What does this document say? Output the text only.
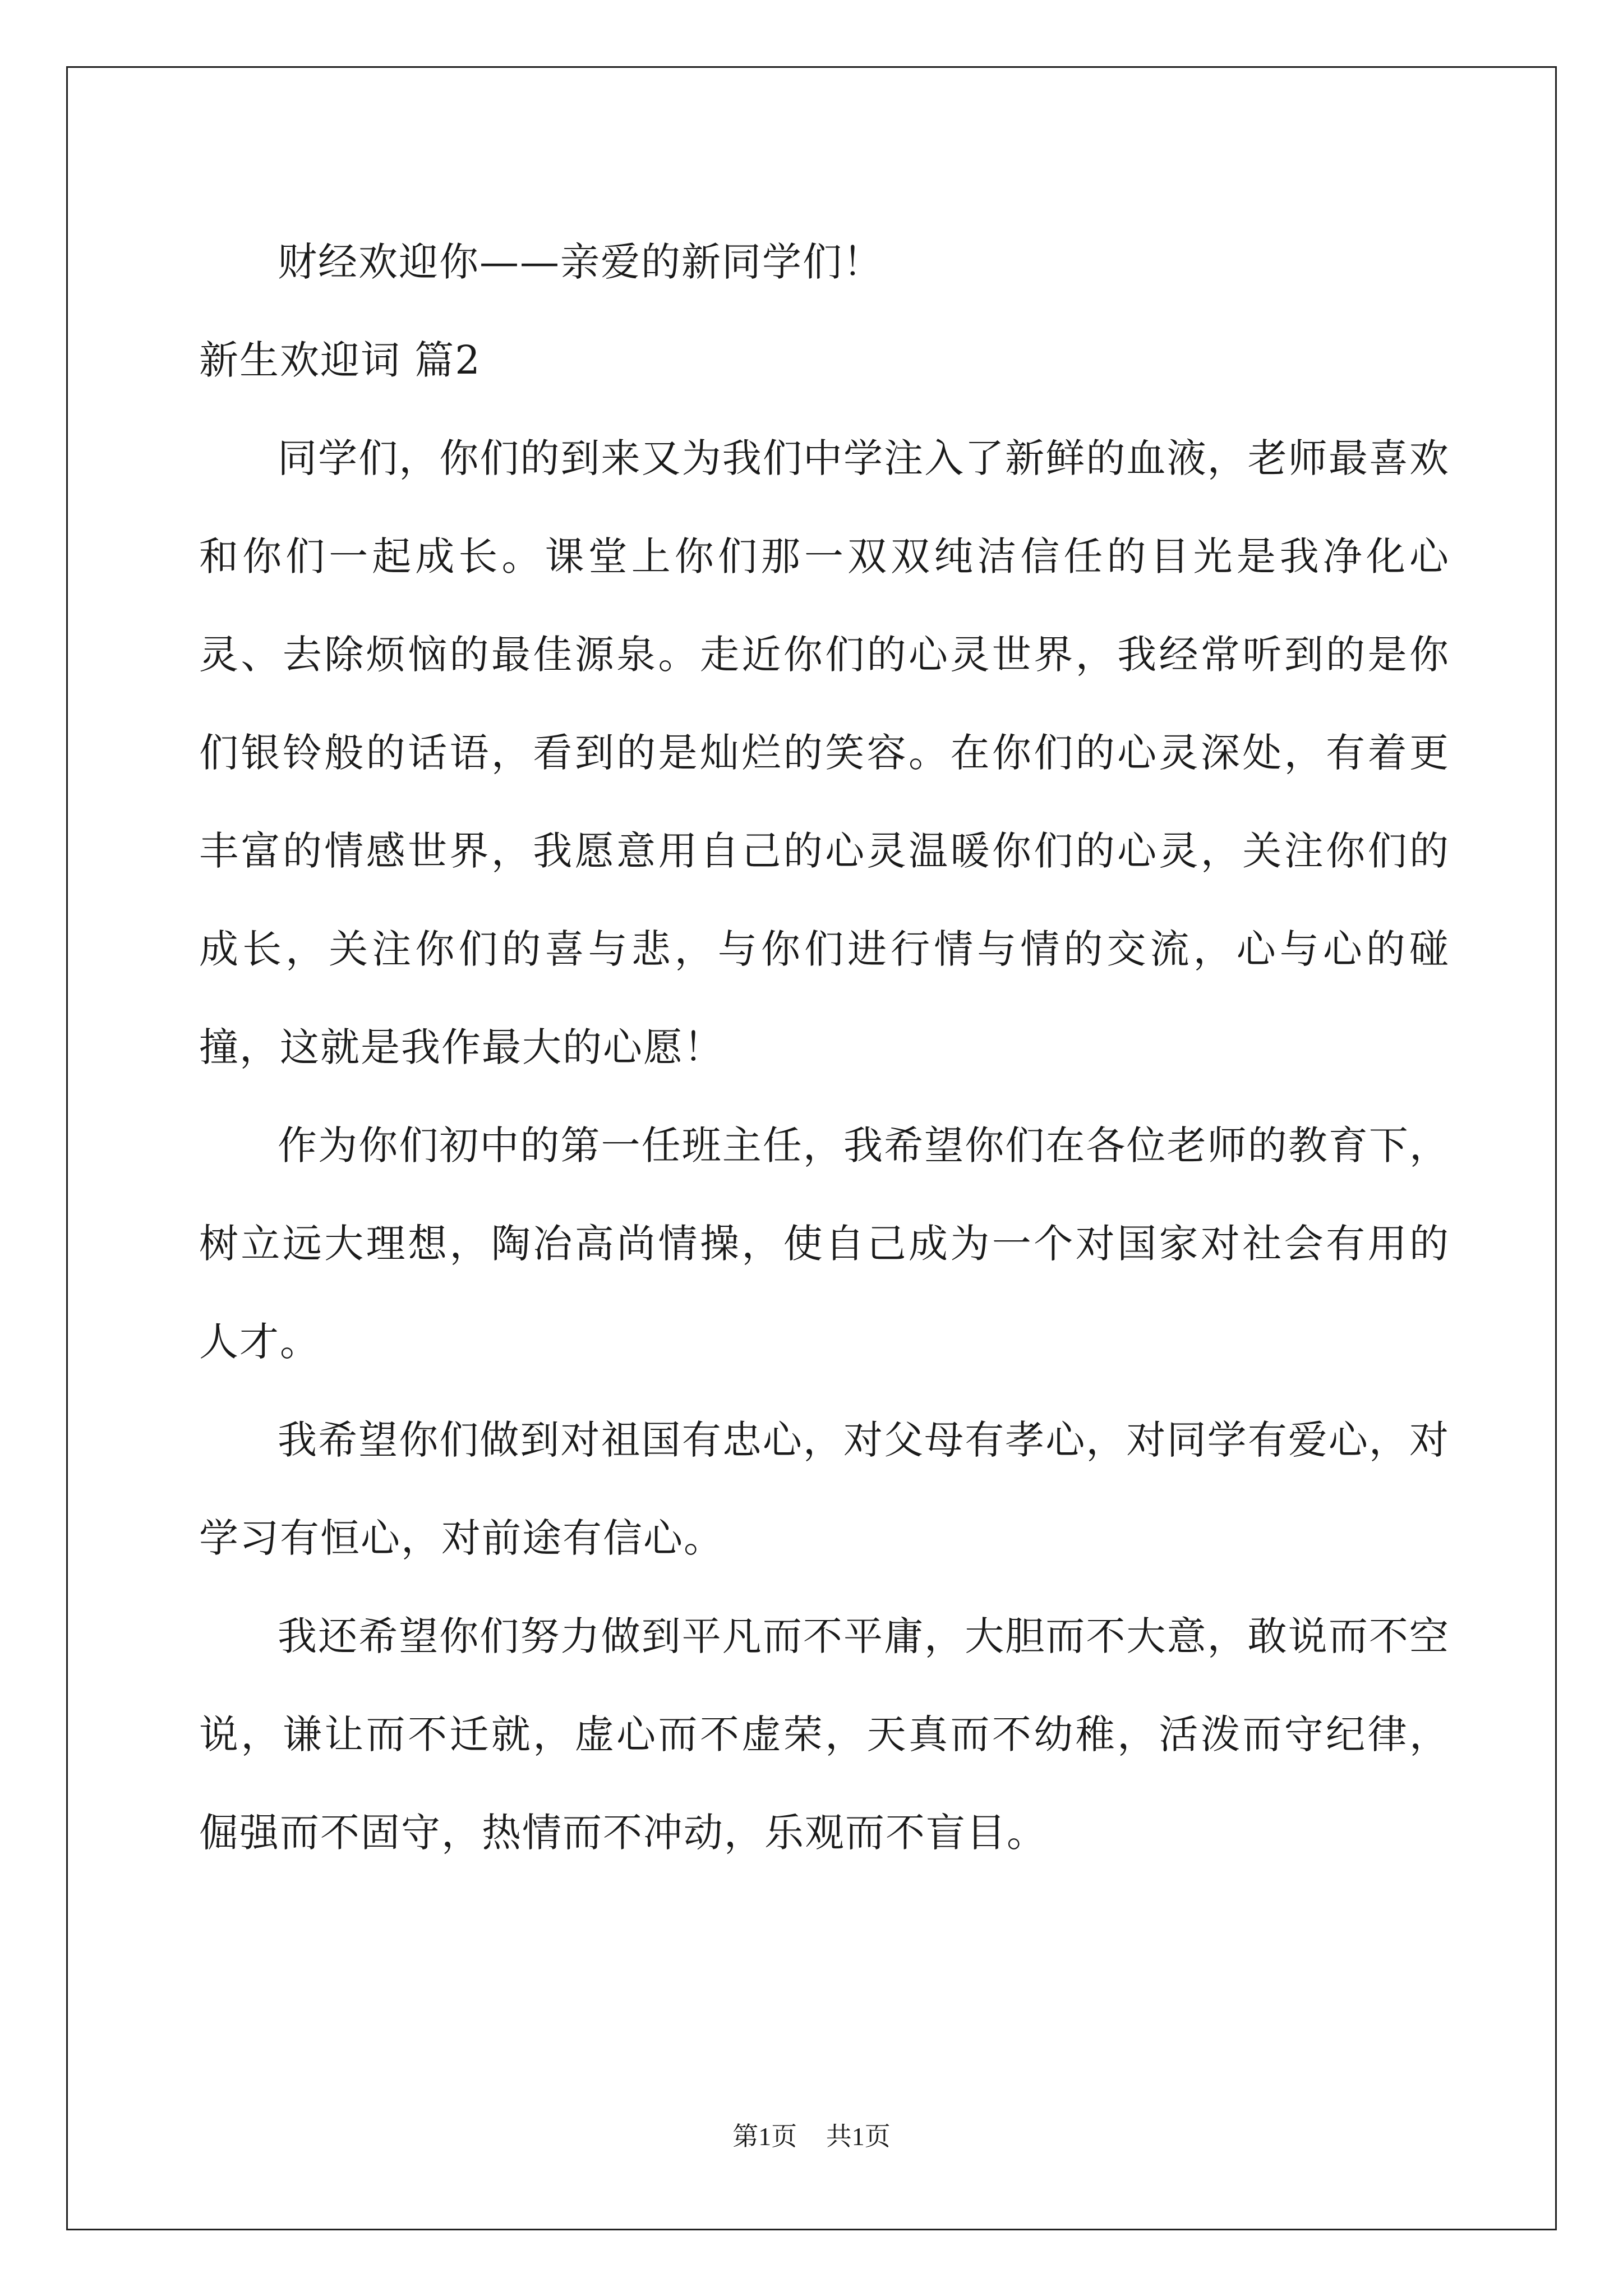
财经欢迎你——亲爱的新同学们！

新生欢迎词 篇2

同学们，你们的到来又为我们中学注入了新鲜的血液，老师最喜欢和你们一起成长。课堂上你们那一双双纯洁信任的目光是我净化心灵、去除烦恼的最佳源泉。走近你们的心灵世界，我经常听到的是你们银铃般的话语，看到的是灿烂的笑容。在你们的心灵深处，有着更丰富的情感世界，我愿意用自己的心灵温暖你们的心灵，关注你们的成长，关注你们的喜与悲，与你们进行情与情的交流，心与心的碰撞，这就是我作最大的心愿！

作为你们初中的第一任班主任，我希望你们在各位老师的教育下，树立远大理想，陶冶高尚情操，使自己成为一个对国家对社会有用的人才。

我希望你们做到对祖国有忠心，对父母有孝心，对同学有爱心，对学习有恒心，对前途有信心。

我还希望你们努力做到平凡而不平庸，大胆而不大意，敢说而不空说，谦让而不迁就，虚心而不虚荣，天真而不幼稚，活泼而守纪律，倔强而不固守，热情而不冲动，乐观而不盲目。

第1页 共1页
